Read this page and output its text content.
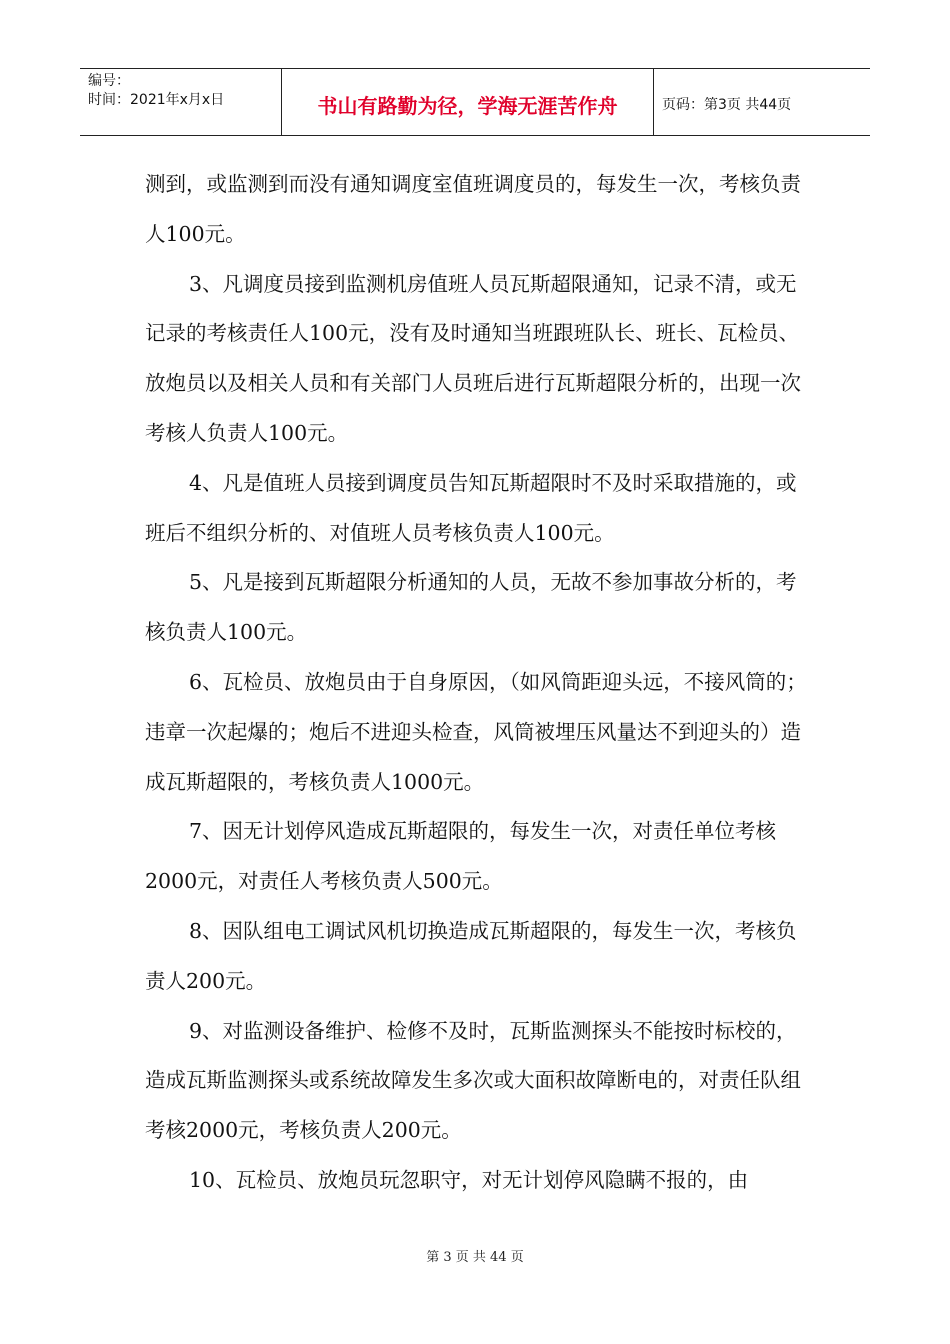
编号：
时间：2021年x月x日	书山有路勤为径，学海无涯苦作舟	页码：第3页 共44页

测到，或监测到而没有通知调度室值班调度员的，每发生一次，考核负责人100元。

3、凡调度员接到监测机房值班人员瓦斯超限通知，记录不清，或无记录的考核责任人100元，没有及时通知当班跟班队长、班长、瓦检员、放炮员以及相关人员和有关部门人员班后进行瓦斯超限分析的，出现一次考核人负责人100元。

4、凡是值班人员接到调度员告知瓦斯超限时不及时采取措施的，或班后不组织分析的、对值班人员考核负责人100元。

5、凡是接到瓦斯超限分析通知的人员，无故不参加事故分析的，考核负责人100元。

6、瓦检员、放炮员由于自身原因，（如风筒距迎头远，不接风筒的；违章一次起爆的；炮后不进迎头检查，风筒被埋压风量达不到迎头的）造成瓦斯超限的，考核负责人1000元。

7、因无计划停风造成瓦斯超限的，每发生一次，对责任单位考核2000元，对责任人考核负责人500元。

8、因队组电工调试风机切换造成瓦斯超限的，每发生一次，考核负责人200元。

9、对监测设备维护、检修不及时，瓦斯监测探头不能按时标校的，造成瓦斯监测探头或系统故障发生多次或大面积故障断电的，对责任队组考核2000元，考核负责人200元。

10、瓦检员、放炮员玩忽职守，对无计划停风隐瞒不报的，由

第 3 页 共 44 页
